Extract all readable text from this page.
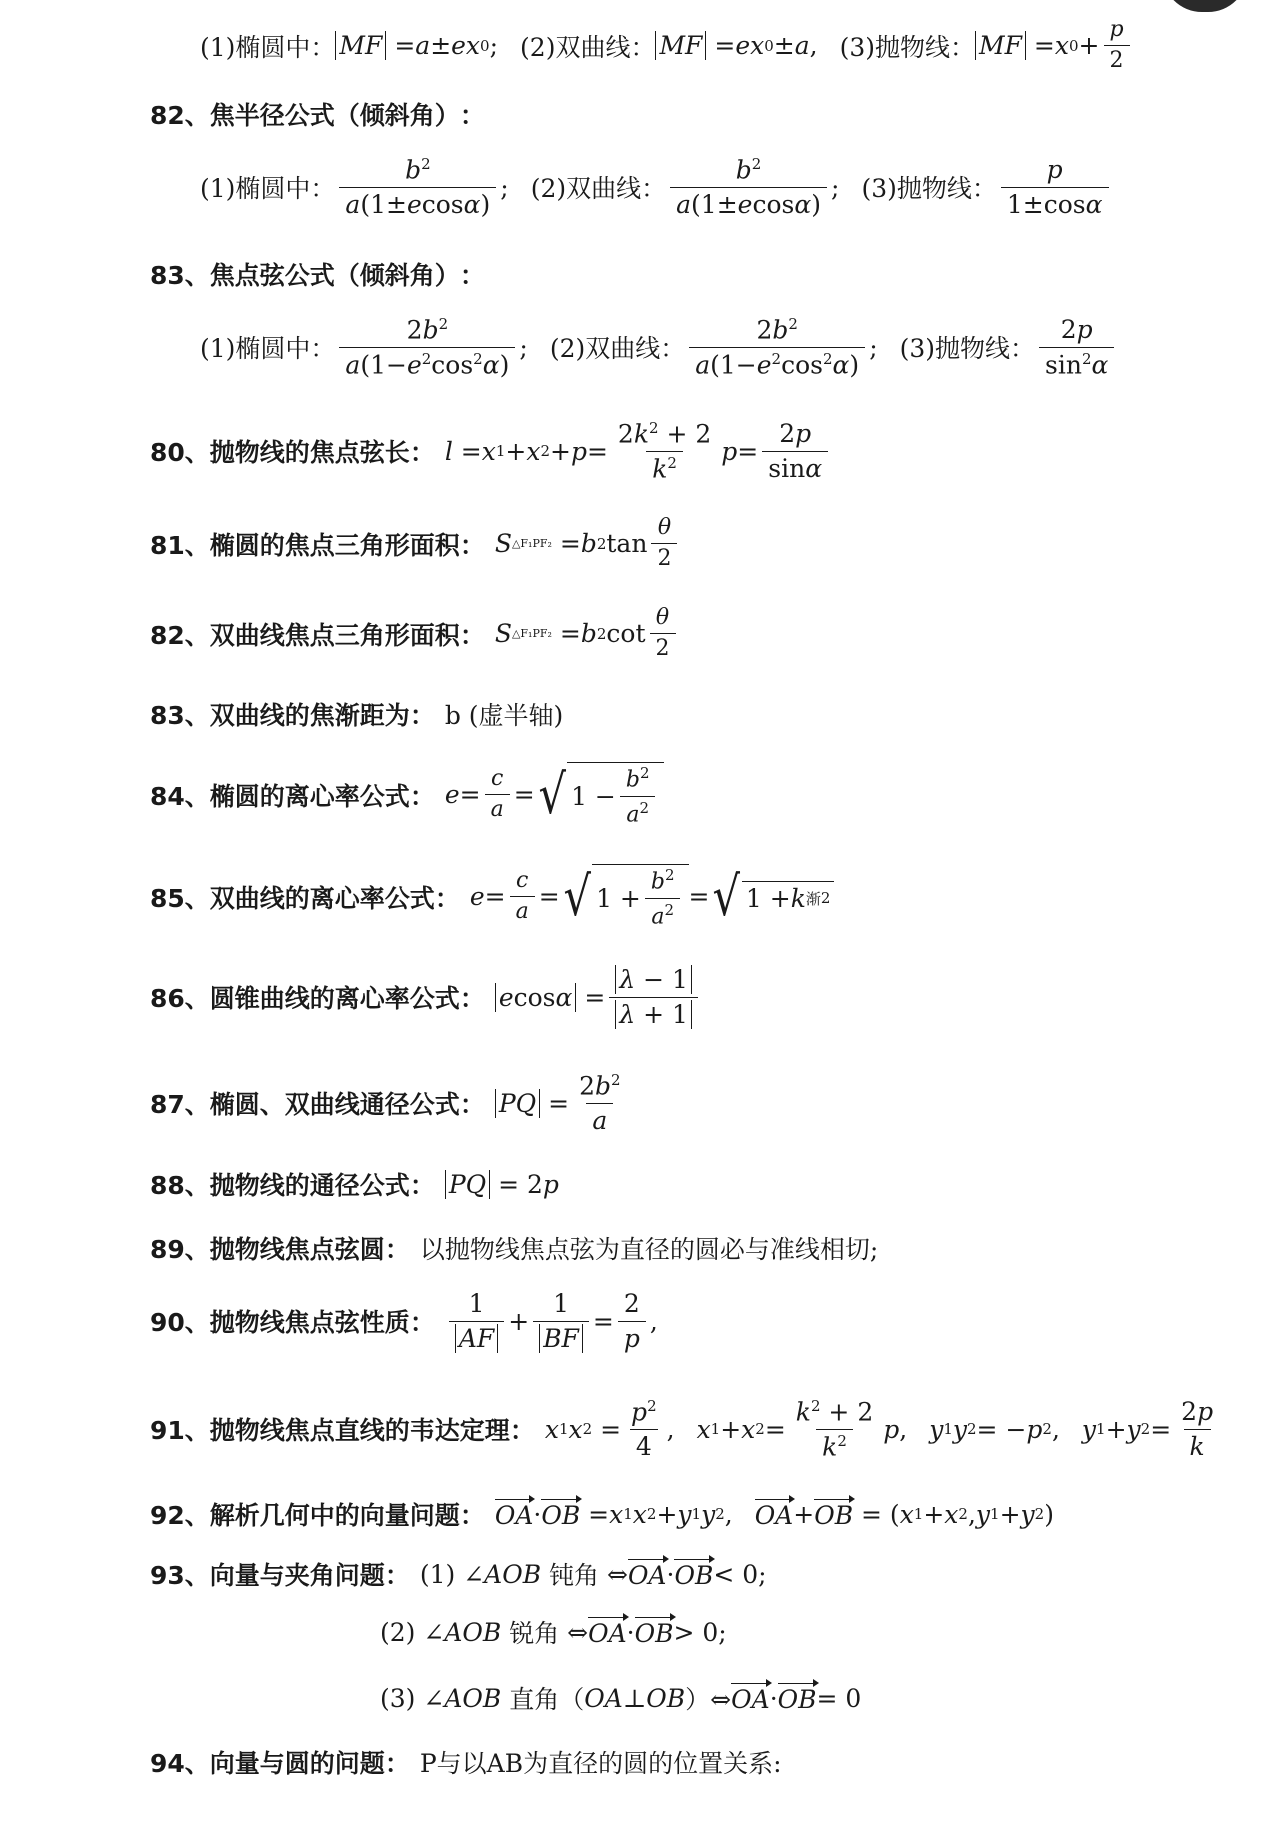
(1)椭圆中： MF = a ± ex 0 ; (2)双曲线： MF = ex 0 ± a , (3)抛物线： MF = x $0 + \frac{p}{2}$
82、 焦半径公式（倾斜角） ：
(1)椭圆中： $\frac{b^2}{a(1\pm ecos\alpha)}$ ; (2)双曲线： $\frac{b^2}{a(1\pm ecos\alpha)}$ ; (3)抛物线： $\frac{p}{1\pm\cos\alpha}$
83、 焦点弦公式（倾斜角） ：
(1)椭圆中： $\frac{2b^2}{a(1-e^2\cos^2\alpha)}$ ; (2)双曲线： $\frac{2b^2}{a(1-e^2\cos^2\alpha)}$ ; (3)抛物线： $\frac{2p}{\sin^2\alpha}$
80、 抛物线的焦点弦长 ： l = x 1 + x $2 + p = \frac{2k^2 + 2}{k^2}$ $p = \frac{2p}{\sin\alpha}$
81、 椭圆的焦点三角形面积 ： S △F₁PF₂ = b 2 $\tan \frac{\theta}{2}$
82、 双曲线焦点三角形面积 ： S △F₁PF₂ = b 2 $\cot \frac{\theta}{2}$
83、 双曲线的焦渐距为 ： b (虚半轴)
84、 椭圆的离心率公式 ： $e = \frac{c}{a}$ = √ $1 - \frac{b^2}{a^2}$
85、 双曲线的离心率公式 ： $e = \frac{c}{a}$ = √ $1 + \frac{b^2}{a^2}$ = √ 1 + k 渐 2
86、 圆锥曲线的离心率公式 ： $ecos\alpha = \frac{\lambda - 1}{\lambda + 1}$
87、 椭圆、双曲线通径公式 ： PQ = $\frac{2b^2}{a}$
88、 抛物线的通径公式 ： PQ = 2 p
89、 抛物线焦点弦圆 ： 以抛物线焦点弦为直径的圆必与准线相切;
90、 抛物线焦点弦性质 ： $\frac{1}{AF} + \frac{1}{BF} = \frac{2}{p}$ ,
91、 抛物线焦点直线的韦达定理 ： x 1 x $2 = \frac{p^2}{4}$ , x 1 + x $2 = \frac{k^2 + 2}{k^2}$ p , y 1 y 2 = − p 2 , y 1 + y $2 = \frac{2p}{k}$
92、 解析几何中的向量问题 ： OA · OB = x 1 x 2 + y 1 y 2 , OA + OB = ( x 1 + x 2 , y 1 + y 2 )
93、 向量与夹角问题 ： (1) ∠ AOB
钝角 ⇔ OA · OB < 0;
(2) ∠ AOB
锐角 ⇔ OA · OB > 0;
(3) ∠ AOB
直角 （ OA ⊥ OB ）⇔ OA · OB = 0
94、 向量与圆的问题 ： P与以AB为直径的圆的位置关系:
